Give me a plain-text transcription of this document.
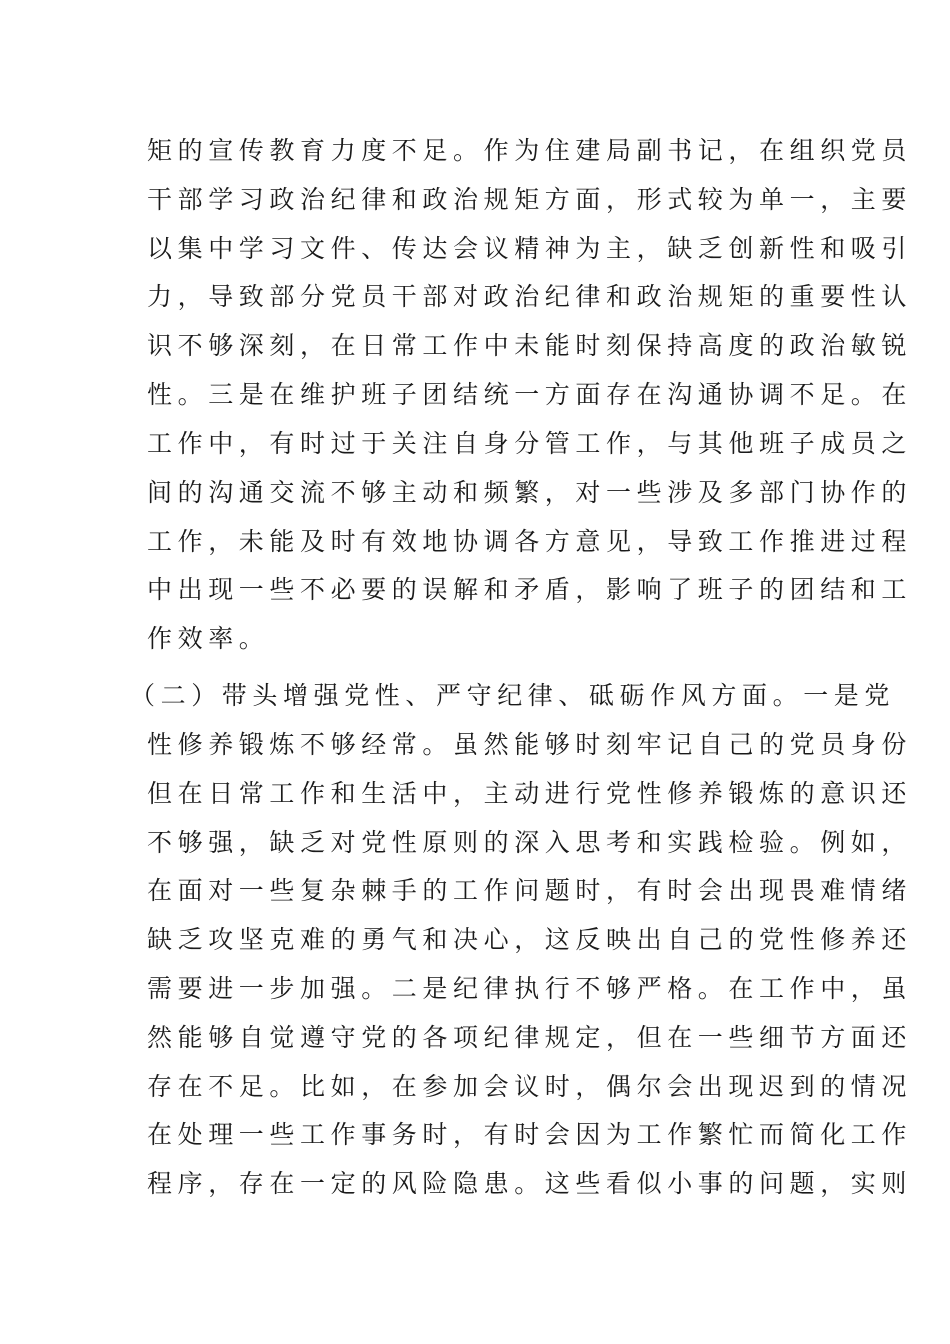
矩的宣传教育力度不足。作为住建局副书记，在组织党员
干部学习政治纪律和政治规矩方面，形式较为单一，主要
以集中学习文件、传达会议精神为主，缺乏创新性和吸引
力，导致部分党员干部对政治纪律和政治规矩的重要性认
识不够深刻，在日常工作中未能时刻保持高度的政治敏锐
性。三是在维护班子团结统一方面存在沟通协调不足。在
工作中，有时过于关注自身分管工作，与其他班子成员之
间的沟通交流不够主动和频繁，对一些涉及多部门协作的
工作，未能及时有效地协调各方意见，导致工作推进过程
中出现一些不必要的误解和矛盾，影响了班子的团结和工
作效率。
（二）带头增强党性、严守纪律、砥砺作风方面。一是党
性修养锻炼不够经常。虽然能够时刻牢记自己的党员身份
但在日常工作和生活中，主动进行党性修养锻炼的意识还
不够强，缺乏对党性原则的深入思考和实践检验。例如，
在面对一些复杂棘手的工作问题时，有时会出现畏难情绪
缺乏攻坚克难的勇气和决心，这反映出自己的党性修养还
需要进一步加强。二是纪律执行不够严格。在工作中，虽
然能够自觉遵守党的各项纪律规定，但在一些细节方面还
存在不足。比如，在参加会议时，偶尔会出现迟到的情况
在处理一些工作事务时，有时会因为工作繁忙而简化工作
程序，存在一定的风险隐患。这些看似小事的问题，实则
